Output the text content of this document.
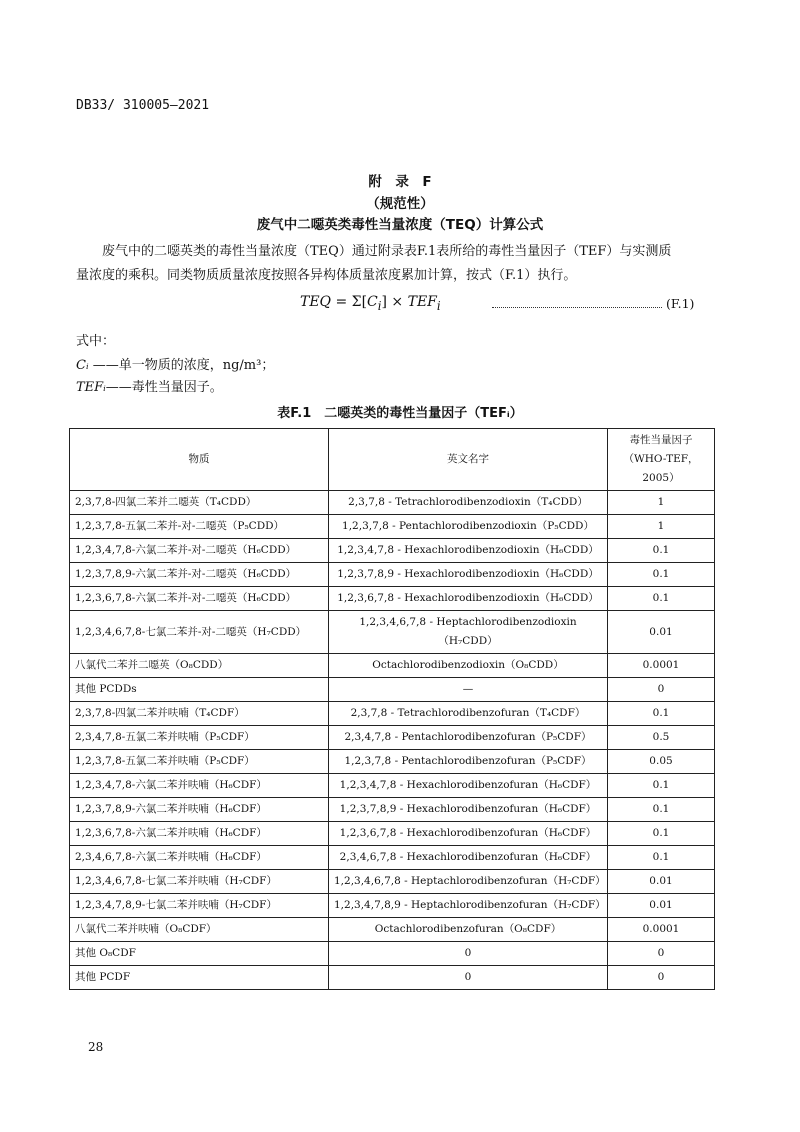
DB33/ 310005—2021
附　录　F
（规范性）
废气中二噁英类毒性当量浓度（TEQ）计算公式
废气中的二噁英类的毒性当量浓度（TEQ）通过附录表F.1表所给的毒性当量因子（TEF）与实测质
量浓度的乘积。同类物质质量浓度按照各异构体质量浓度累加计算，按式（F.1）执行。
TEQ = $\Sigma[C_i] \times TEF_i$	(F.1)
式中：
Cᵢ ——单一物质的浓度，ng/m³；
TEFᵢ——毒性当量因子。
表F.1　二噁英类的毒性当量因子（TEFᵢ）
物质	英文名字	毒性当量因子（WHO-TEF，2005）
2,3,7,8-四氯二苯并二噁英（T₄CDD）	2,3,7,8 - Tetrachlorodibenzodioxin（T₄CDD）	1
1,2,3,7,8-五氯二苯并-对-二噁英（P₅CDD）	1,2,3,7,8 - Pentachlorodibenzodioxin（P₅CDD）	1
1,2,3,4,7,8-六氯二苯并-对-二噁英（H₆CDD）	1,2,3,4,7,8 - Hexachlorodibenzodioxin（H₆CDD）	0.1
1,2,3,7,8,9-六氯二苯并-对-二噁英（H₆CDD）	1,2,3,7,8,9 - Hexachlorodibenzodioxin（H₆CDD）	0.1
1,2,3,6,7,8-六氯二苯并-对-二噁英（H₆CDD）	1,2,3,6,7,8 - Hexachlorodibenzodioxin（H₆CDD）	0.1
1,2,3,4,6,7,8-七氯二苯并-对-二噁英（H₇CDD）	1,2,3,4,6,7,8 - Heptachlorodibenzodioxin（H₇CDD）	0.01
八氯代二苯并二噁英（O₈CDD）	Octachlorodibenzodioxin（O₈CDD）	0.0001
其他 PCDDs	—	0
2,3,7,8-四氯二苯并呋喃（T₄CDF）	2,3,7,8 - Tetrachlorodibenzofuran（T₄CDF）	0.1
2,3,4,7,8-五氯二苯并呋喃（P₅CDF）	2,3,4,7,8 - Pentachlorodibenzofuran（P₅CDF）	0.5
1,2,3,7,8-五氯二苯并呋喃（P₅CDF）	1,2,3,7,8 - Pentachlorodibenzofuran（P₅CDF）	0.05
1,2,3,4,7,8-六氯二苯并呋喃（H₆CDF）	1,2,3,4,7,8 - Hexachlorodibenzofuran（H₆CDF）	0.1
1,2,3,7,8,9-六氯二苯并呋喃（H₆CDF）	1,2,3,7,8,9 - Hexachlorodibenzofuran（H₆CDF）	0.1
1,2,3,6,7,8-六氯二苯并呋喃（H₆CDF）	1,2,3,6,7,8 - Hexachlorodibenzofuran（H₆CDF）	0.1
2,3,4,6,7,8-六氯二苯并呋喃（H₆CDF）	2,3,4,6,7,8 - Hexachlorodibenzofuran（H₆CDF）	0.1
1,2,3,4,6,7,8-七氯二苯并呋喃（H₇CDF）	1,2,3,4,6,7,8 - Heptachlorodibenzofuran（H₇CDF）	0.01
1,2,3,4,7,8,9-七氯二苯并呋喃（H₇CDF）	1,2,3,4,7,8,9 - Heptachlorodibenzofuran（H₇CDF）	0.01
八氯代二苯并呋喃（O₈CDF）	Octachlorodibenzofuran（O₈CDF）	0.0001
其他 O₈CDF	0	0
其他 PCDF	0	0
28
